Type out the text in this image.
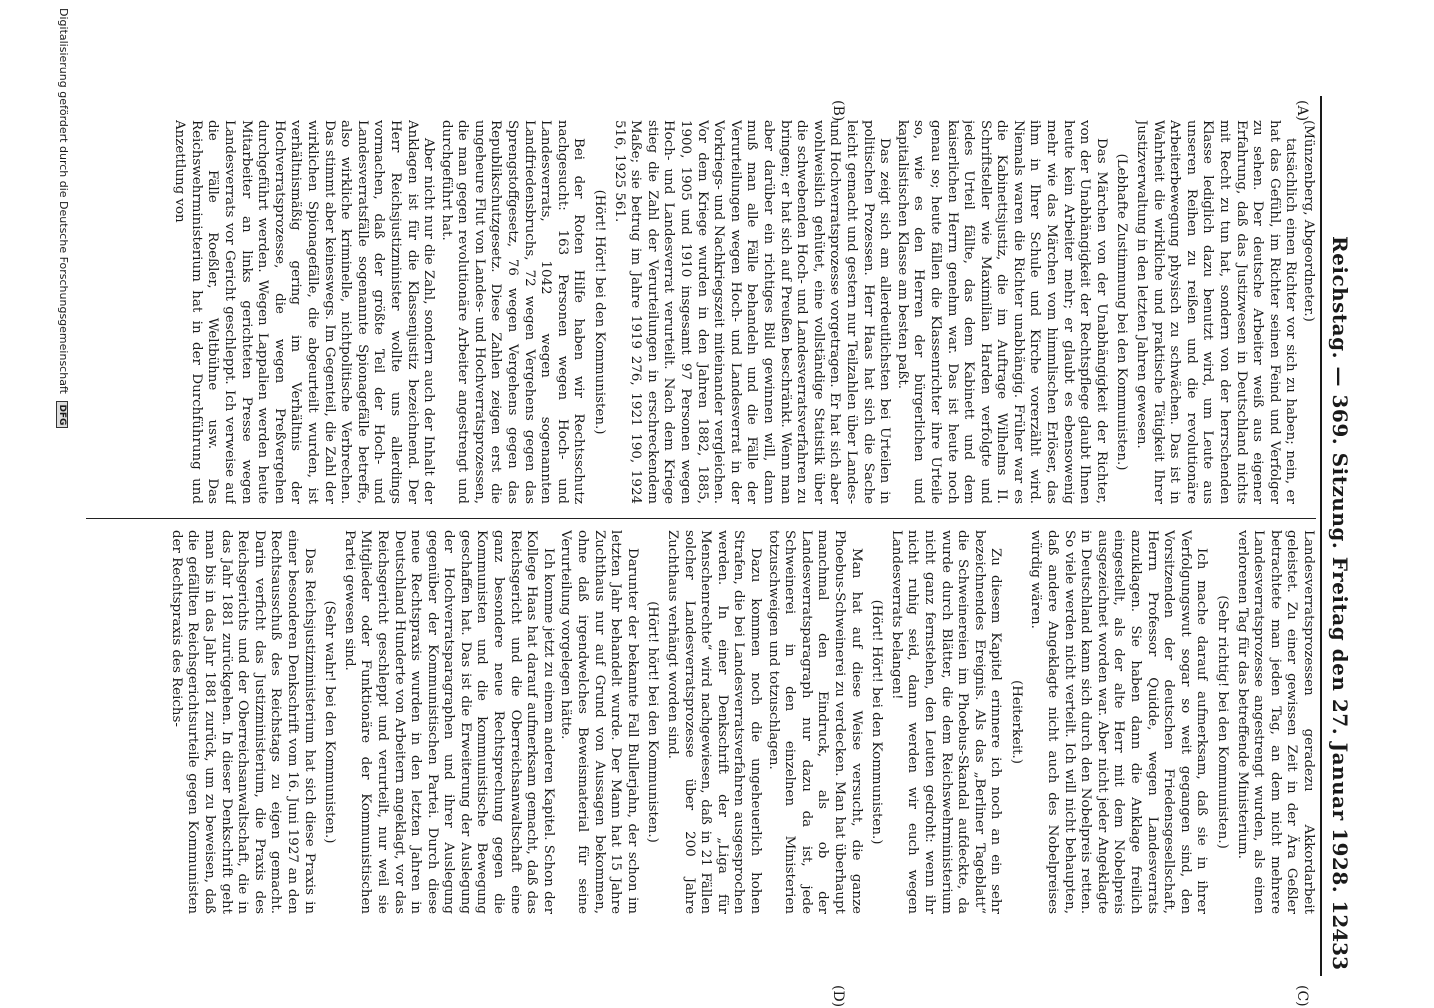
Reichstag. — 369. Sitzung. Freitag den 27. Januar 1928.
12433
(A)
(B)
(C)
(D)

(Münzenberg, Abgeordneter.)

tatsächlich einen Richter vor sich zu haben; nein, er hat das Gefühl, im Richter seinen Feind und Verfolger zu sehen. Der deutsche Arbeiter weiß aus eigener Erfahrung, daß das Justizwesen in Deutschland nichts mit Recht zu tun hat, sondern von der herrschenden Klasse lediglich dazu benutzt wird, um Leute aus unseren Reihen zu reißen und die revolutionäre Arbeiterbewegung physisch zu schwächen. Das ist in Wahrheit die wirkliche und praktische Tätigkeit Ihrer Justizverwaltung in den letzten Jahren gewesen.

(Lebhafte Zustimmung bei den Kommunisten.)

Das Märchen von der Unabhängigkeit der Richter, von der Unabhängigkeit der Rechtspflege glaubt Ihnen heute kein Arbeiter mehr; er glaubt es ebensowenig mehr wie das Märchen vom himmlischen Erlöser, das ihm in Ihrer Schule und Kirche vorerzählt wird. Niemals waren die Richter unabhängig. Früher war es die Kabinettsjustiz, die im Auftrage Wilhelms II. Schriftsteller wie Maximilian Harden verfolgte und jedes Urteil fällte, das dem Kabinett und dem kaiserlichen Herrn genehm war. Das ist heute noch genau so; heute fällen die Klassenrichter ihre Urteile so, wie es den Herren der bürgerlichen und kapitalistischen Klasse am besten paßt.

Das zeigt sich am allerdeutlichsten bei Urteilen in politischen Prozessen. Herr Haas hat sich die Sache leicht gemacht und gestern nur Teilzahlen über Landes- und Hochverratsprozesse vorgetragen. Er hat sich aber wohlweislich gehütet, eine vollständige Statistik über die schwebenden Hoch- und Landesverratsverfahren zu bringen; er hat sich auf Preußen beschränkt. Wenn man aber darüber ein richtiges Bild gewinnen will, dann muß man alle Fälle behandeln und die Fälle der Verurteilungen wegen Hoch- und Landesverrat in der Vorkriegs- und Nachkriegszeit miteinander vergleichen. Vor dem Kriege wurden in den Jahren 1882, 1885, 1900, 1905 und 1910 insgesamt 97 Personen wegen Hoch- und Landesverrat verurteilt. Nach dem Kriege stieg die Zahl der Verurteilungen in erschreckendem Maße; sie betrug im Jahre 1919 276, 1921 190, 1924 516, 1925 561.

(Hört! Hört! bei den Kommunisten.)

Bei der Roten Hilfe haben wir Rechtsschutz nachgesucht: 163 Personen wegen Hoch- und Landesverrats, 1042 wegen sogenannten Landfriedensbruchs, 72 wegen Vergehens gegen das Sprengstoffgesetz, 76 wegen Vergehens gegen das Republikschutzgesetz. Diese Zahlen zeigen erst die ungeheure Flut von Landes- und Hochverratsprozessen, die man gegen revolutionäre Arbeiter angestrengt und durchgeführt hat.

Aber nicht nur die Zahl, sondern auch der Inhalt der Anklagen ist für die Klassenjustiz bezeichnend. Der Herr Reichsjustizminister wollte uns allerdings vormachen, daß der größte Teil der Hoch- und Landesverratsfälle sogenannte Spionagefälle betreffe, also wirkliche kriminelle, nichtpolitische Verbrechen. Das stimmt aber keineswegs. Im Gegenteil, die Zahl der wirklichen Spionagefälle, die abgeurteilt wurden, ist verhältnismäßig gering im Verhältnis der Hochverratsprozesse, die wegen Preßvergehen durchgeführt werden. Wegen Lappalien werden heute Mitarbeiter an links gerichteten Presse wegen Landesverrats vor Gericht geschleppt. Ich verweise auf die Fälle Roeßler, Weltbühne usw. Das Reichswehrministerium hat in der Durchführung und Anzettlung von

Landesverratsprozessen geradezu Akkordarbeit geleistet. Zu einer gewissen Zeit in der Ära Geßler betrachtete man jeden Tag, an dem nicht mehrere Landesverratsprozesse angestrengt wurden, als einen verlorenen Tag für das betreffende Ministerium.

(Sehr richtig! bei den Kommunisten.)

Ich mache darauf aufmerksam, daß sie in ihrer Verfolgungswut sogar so weit gegangen sind, den Vorsitzenden der deutschen Friedensgesellschaft, Herrn Professor Quidde, wegen Landesverrats anzuklagen. Sie haben dann die Anklage freilich eingestellt, als der alte Herr mit dem Nobelpreis ausgezeichnet worden war. Aber nicht jeder Angeklagte in Deutschland kann sich durch den Nobelpreis retten. So viele werden nicht verteilt. Ich will nicht behaupten, daß andere Angeklagte nicht auch des Nobelpreises würdig wären.

(Heiterkeit.)

Zu diesem Kapitel erinnere ich noch an ein sehr bezeichnendes Ereignis. Als das „Berliner Tageblatt“ die Schweinereien im Phoebus-Skandal aufdeckte, da wurde durch Blätter, die dem Reichswehrministerium nicht ganz fernstehen, den Leuten gedroht: wenn ihr nicht ruhig seid, dann werden wir euch wegen Landesverrats belangen!

(Hört! Hört! bei den Kommunisten.)

Man hat auf diese Weise versucht, die ganze Phoebus-Schweinerei zu verdecken. Man hat überhaupt manchmal den Eindruck, als ob der Landesverratsparagraph nur dazu da ist, jede Schweinerei in den einzelnen Ministerien totzuschweigen und totzuschlagen.

Dazu kommen noch die ungeheuerlich hohen Strafen, die bei Landesverratsverfahren ausgesprochen werden. In einer Denkschrift der „Liga für Menschenrechte“ wird nachgewiesen, daß in 21 Fällen solcher Landesverratsprozesse über 200 Jahre Zuchthaus verhängt worden sind.

(Hört! hört! bei den Kommunisten.)

Darunter der bekannte Fall Bullerjahn, der schon im letzten Jahr behandelt wurde. Der Mann hat 15 Jahre Zuchthaus nur auf Grund von Aussagen bekommen, ohne daß irgendwelches Beweismaterial für seine Verurteilung vorgelegen hätte.

Ich komme jetzt zu einem anderen Kapitel. Schon der Kollege Haas hat darauf aufmerksam gemacht, daß das Reichsgericht und die Oberreichsanwaltschaft eine ganz besondere neue Rechtsprechung gegen die Kommunisten und die kommunistische Bewegung geschaffen hat. Das ist die Erweiterung der Auslegung der Hochverratsparagraphen und ihrer Auslegung gegenüber der Kommunistischen Partei. Durch diese neue Rechtspraxis wurden in den letzten Jahren in Deutschland Hunderte von Arbeitern angeklagt, vor das Reichsgericht geschleppt und verurteilt, nur weil sie Mitglieder oder Funktionäre der Kommunistischen Partei gewesen sind.

(Sehr wahr! bei den Kommunisten.)

Das Reichsjustizministerium hat sich diese Praxis in einer besonderen Denkschrift vom 16. Juni 1927 an den Rechtsausschuß des Reichstags zu eigen gemacht. Darin verficht das Justizministerium, die Praxis des Reichsgerichts und der Oberreichsanwaltschaft, die in das Jahr 1881 zurückgehen. In dieser Denkschrift geht man bis in das Jahr 1881 zurück, um zu beweisen, daß die gefällten Reichsgerichtsurteile gegen Kommunisten der Rechtspraxis des Reichs-

Digitalisierung gefördert durch die Deutsche Forschungsgemeinschaft DFG
